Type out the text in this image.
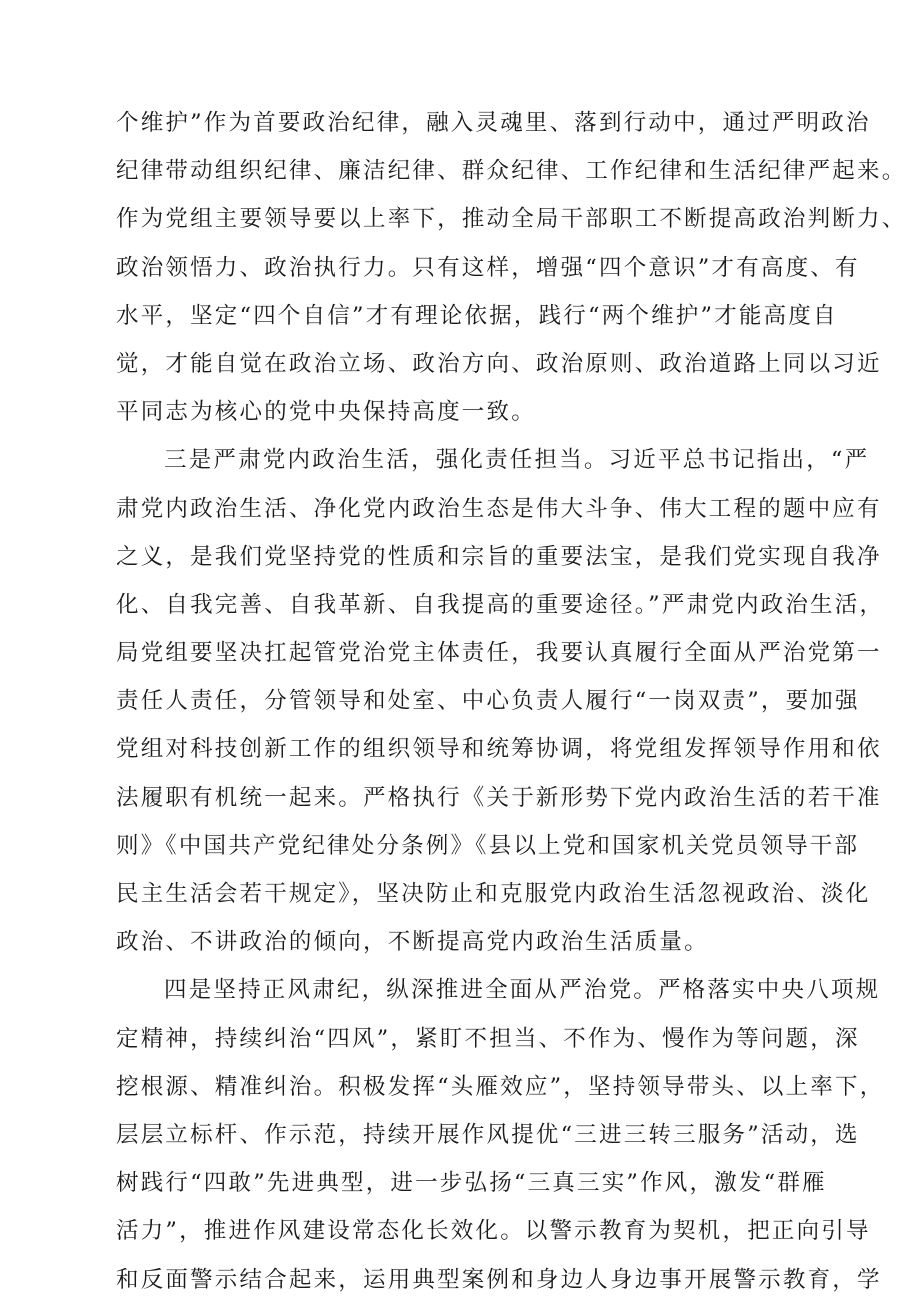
个维护”作为首要政治纪律，融入灵魂里、落到行动中，通过严明政治
纪律带动组织纪律、廉洁纪律、群众纪律、工作纪律和生活纪律严起来。
作为党组主要领导要以上率下，推动全局干部职工不断提高政治判断力、
政治领悟力、政治执行力。只有这样，增强“四个意识”才有高度、有
水平，坚定“四个自信”才有理论依据，践行“两个维护”才能高度自
觉，才能自觉在政治立场、政治方向、政治原则、政治道路上同以习近
平同志为核心的党中央保持高度一致。
三是严肃党内政治生活，强化责任担当。习近平总书记指出，“严
肃党内政治生活、净化党内政治生态是伟大斗争、伟大工程的题中应有
之义，是我们党坚持党的性质和宗旨的重要法宝，是我们党实现自我净
化、自我完善、自我革新、自我提高的重要途径。”严肃党内政治生活，
局党组要坚决扛起管党治党主体责任，我要认真履行全面从严治党第一
责任人责任，分管领导和处室、中心负责人履行“一岗双责”，要加强
党组对科技创新工作的组织领导和统筹协调，将党组发挥领导作用和依
法履职有机统一起来。严格执行《关于新形势下党内政治生活的若干准
则》《中国共产党纪律处分条例》《县以上党和国家机关党员领导干部
民主生活会若干规定》，坚决防止和克服党内政治生活忽视政治、淡化
政治、不讲政治的倾向，不断提高党内政治生活质量。
四是坚持正风肃纪，纵深推进全面从严治党。严格落实中央八项规
定精神，持续纠治“四风”，紧盯不担当、不作为、慢作为等问题，深
挖根源、精准纠治。积极发挥“头雁效应”，坚持领导带头、以上率下，
层层立标杆、作示范，持续开展作风提优“三进三转三服务”活动，选
树践行“四敢”先进典型，进一步弘扬“三真三实”作风，激发“群雁
活力”，推进作风建设常态化长效化。以警示教育为契机，把正向引导
和反面警示结合起来，运用典型案例和身边人身边事开展警示教育，学
